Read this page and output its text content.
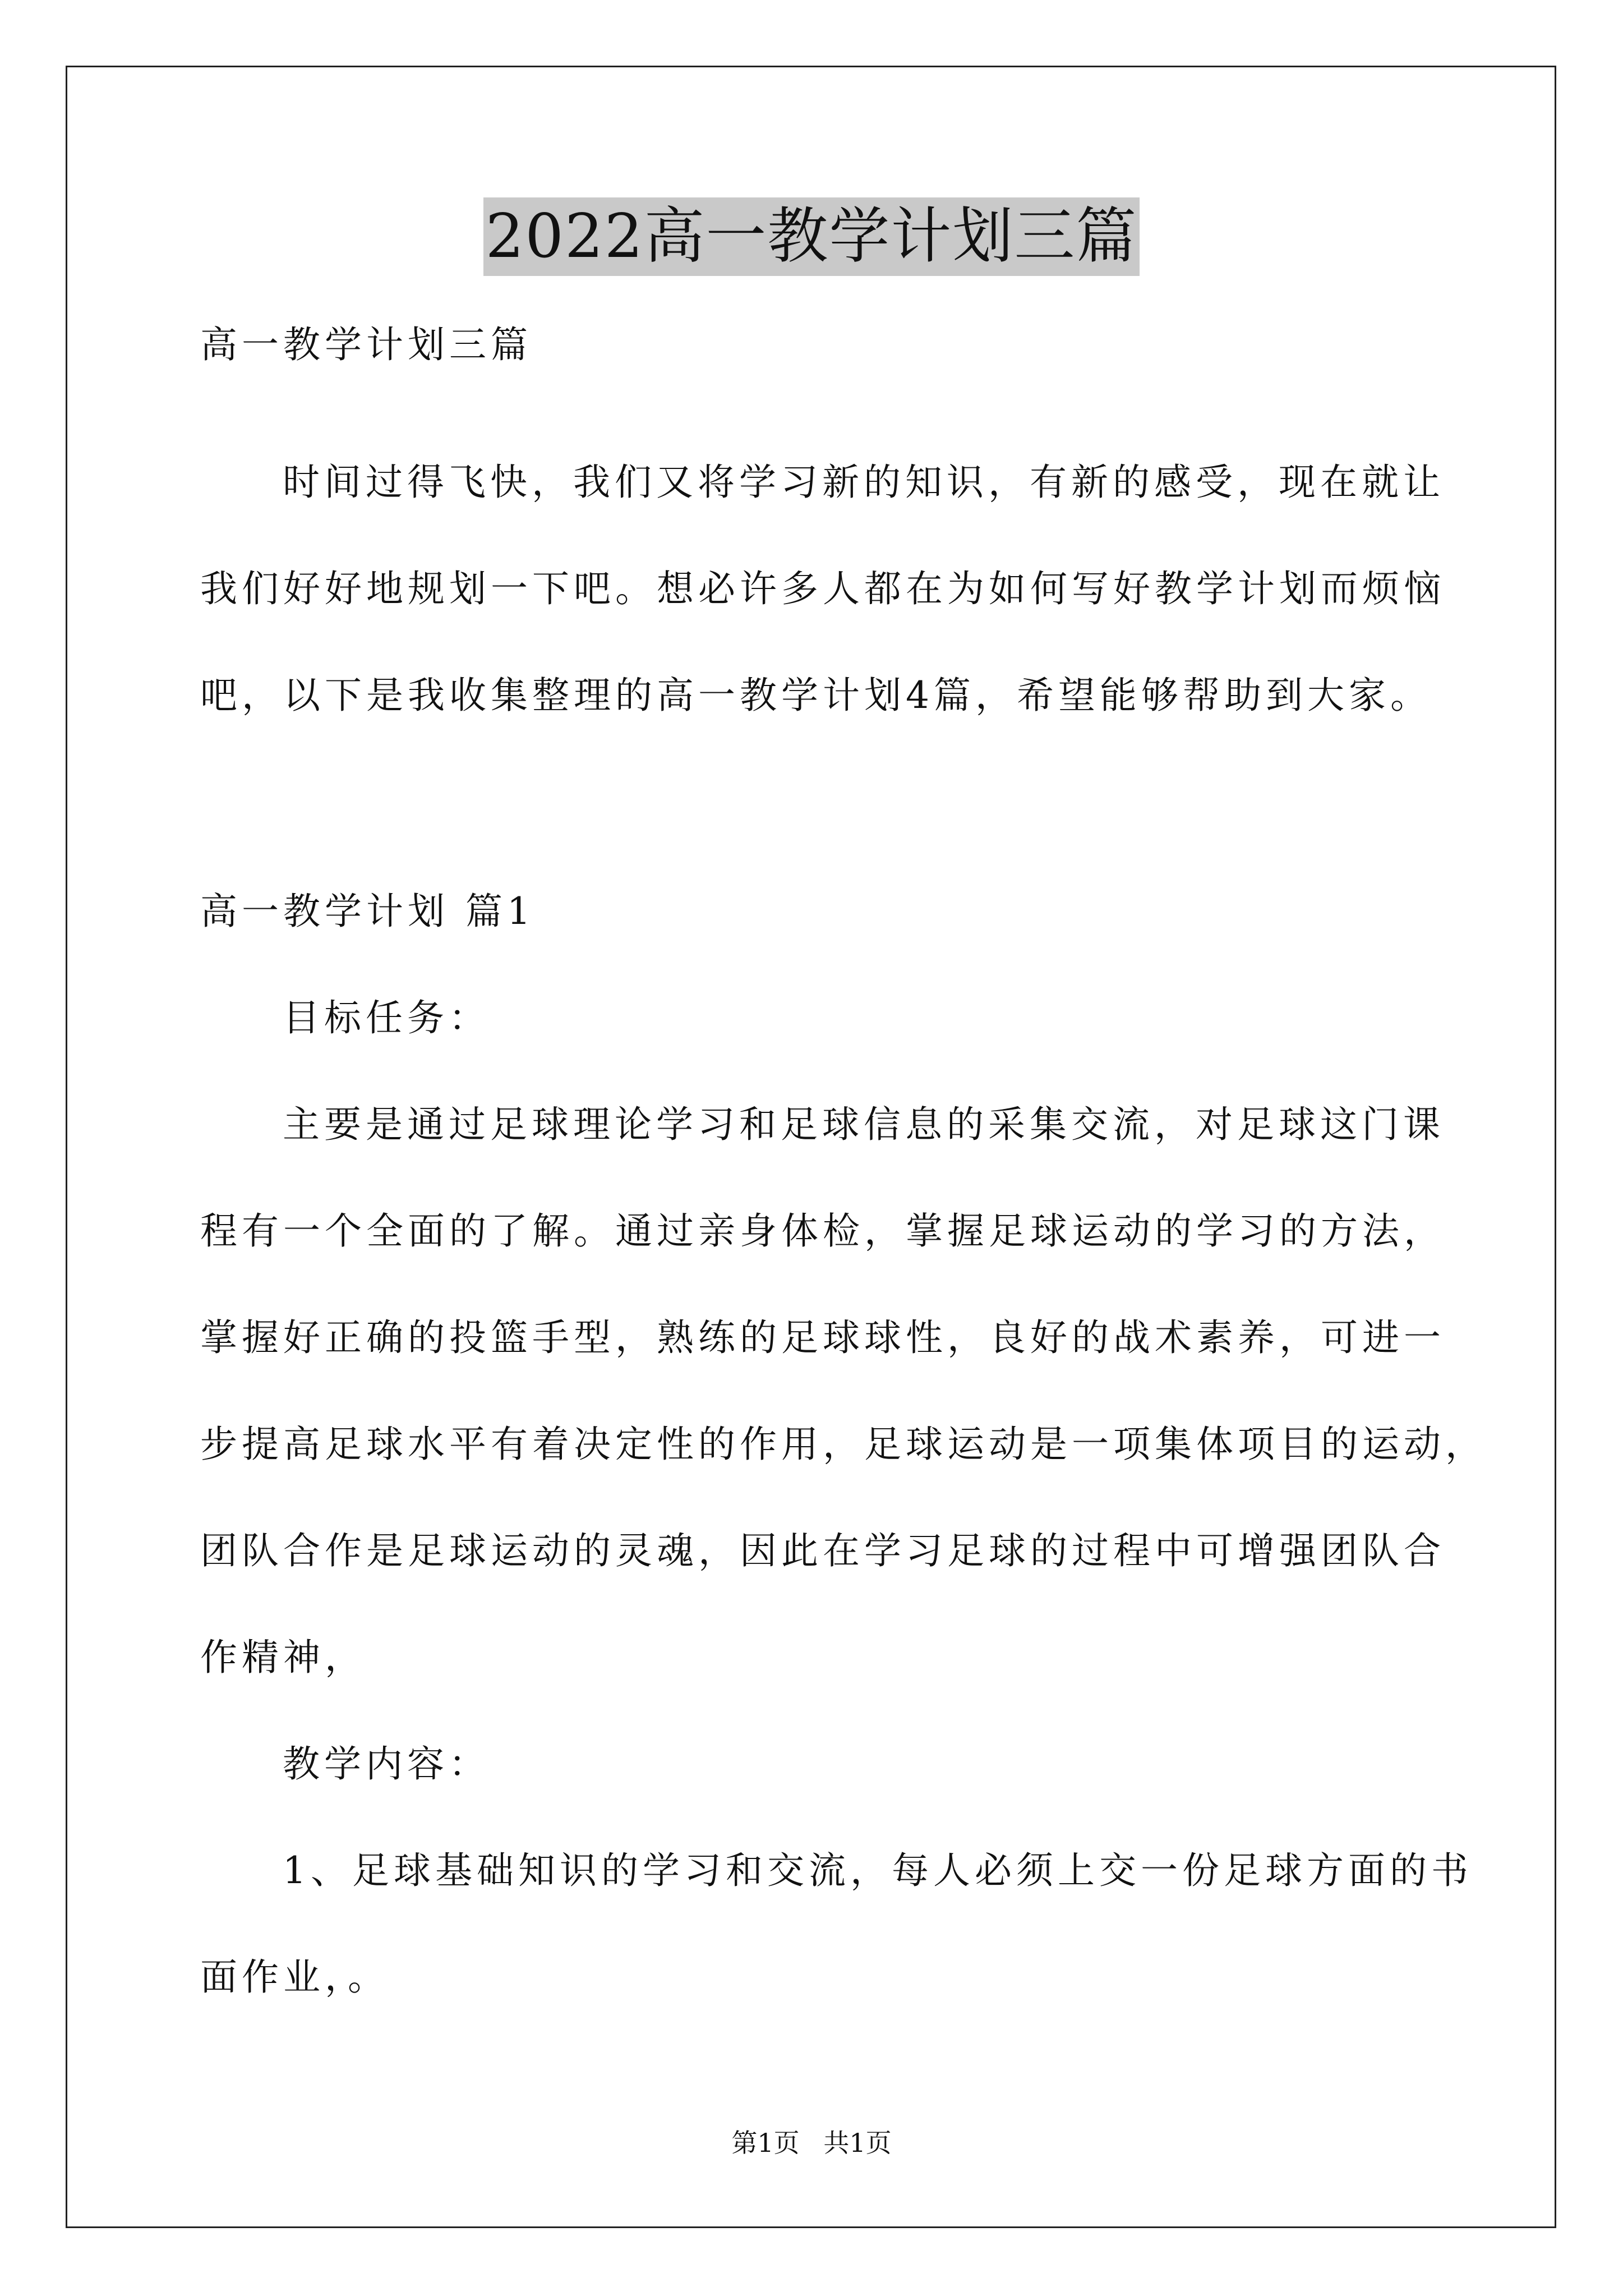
2022高一教学计划三篇
高一教学计划三篇
时间过得飞快，我们又将学习新的知识，有新的感受，现在就让
我们好好地规划一下吧。想必许多人都在为如何写好教学计划而烦恼
吧，以下是我收集整理的高一教学计划4篇，希望能够帮助到大家。
高一教学计划 篇1
目标任务：
主要是通过足球理论学习和足球信息的采集交流，对足球这门课
程有一个全面的了解。通过亲身体检，掌握足球运动的学习的方法，
掌握好正确的投篮手型，熟练的足球球性，良好的战术素养，可进一
步提高足球水平有着决定性的作用，足球运动是一项集体项目的运动，
团队合作是足球运动的灵魂，因此在学习足球的过程中可增强团队合
作精神，
教学内容：
1、足球基础知识的学习和交流，每人必须上交一份足球方面的书
面作业，。
第1页 共1页
